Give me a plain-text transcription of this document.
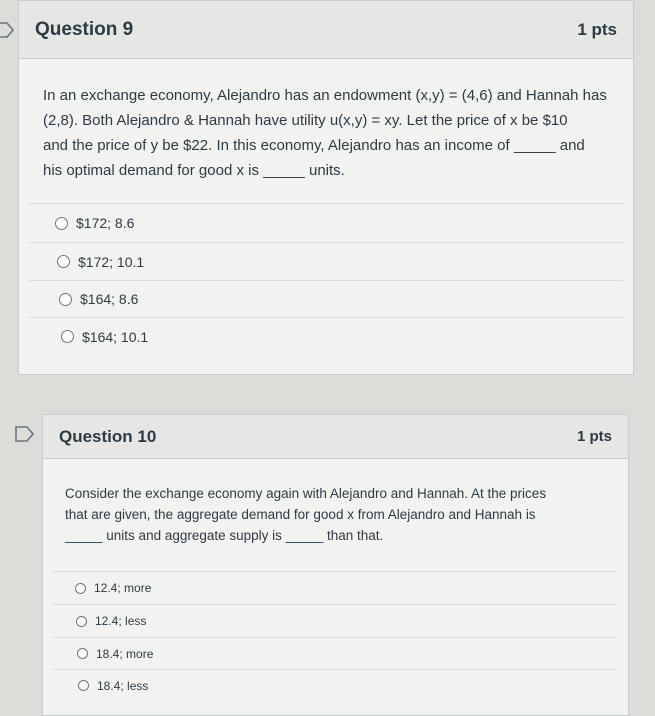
Question 9	1 pts
In an exchange economy, Alejandro has an endowment (x,y) = (4,6) and Hannah has
(2,8). Both Alejandro & Hannah have utility u(x,y) = xy. Let the price of x be $10
and the price of y be $22. In this economy, Alejandro has an income of _____ and
his optimal demand for good x is _____ units.
$172; 8.6
$172; 10.1
$164; 8.6
$164; 10.1
Question 10	1 pts
Consider the exchange economy again with Alejandro and Hannah. At the prices
that are given, the aggregate demand for good x from Alejandro and Hannah is
_____ units and aggregate supply is _____ than that.
12.4; more
12.4; less
18.4; more
18.4; less
